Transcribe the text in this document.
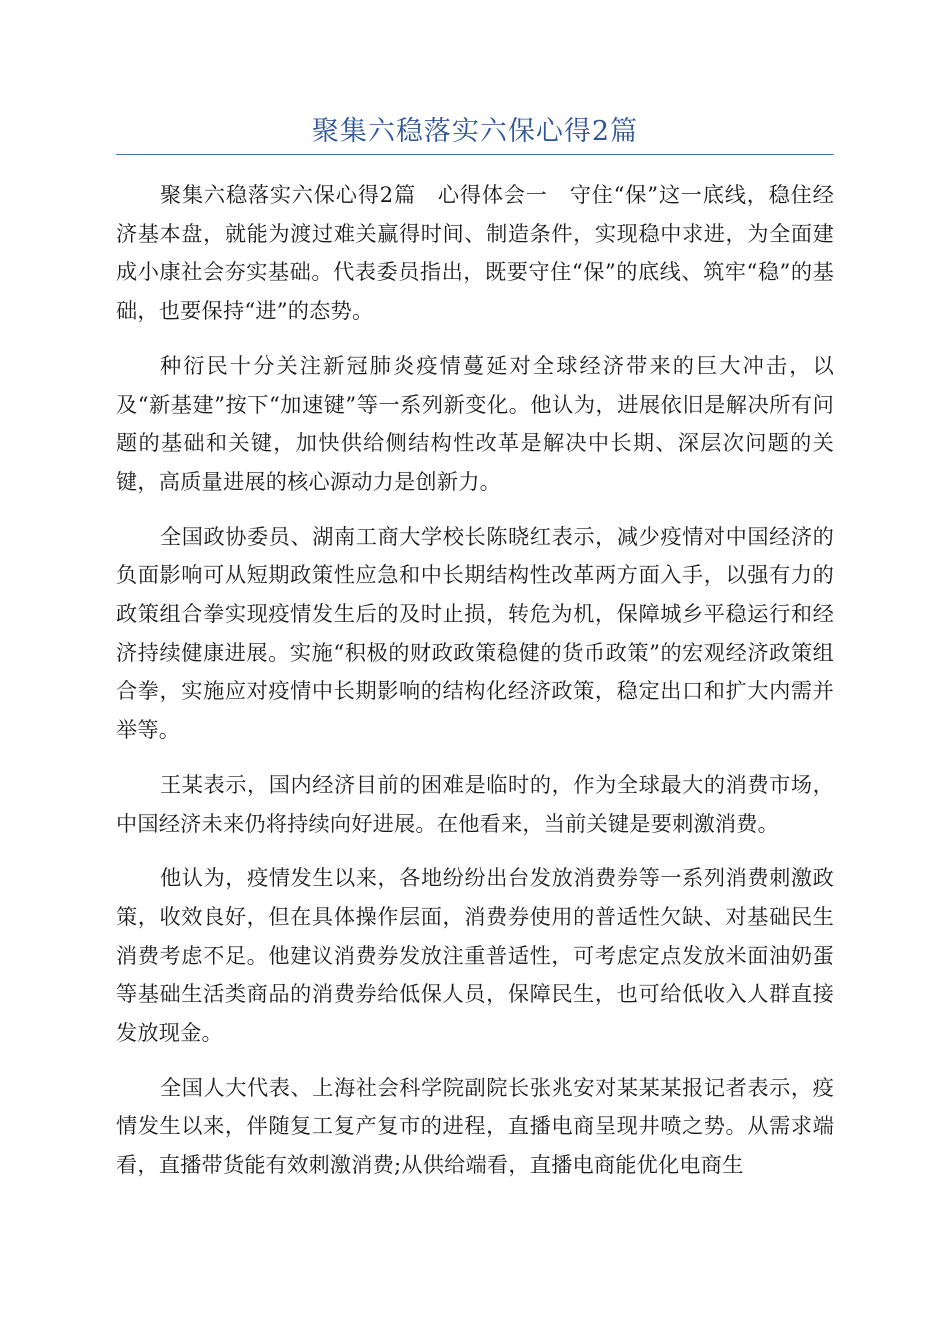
聚集六稳落实六保心得2篇

聚集六稳落实六保心得2篇　心得体会一　守住“保”这一底线，稳住经济基本盘，就能为渡过难关赢得时间、制造条件，实现稳中求进，为全面建成小康社会夯实基础。代表委员指出，既要守住“保”的底线、筑牢“稳”的基础，也要保持“进”的态势。

种衍民十分关注新冠肺炎疫情蔓延对全球经济带来的巨大冲击，以及“新基建”按下“加速键”等一系列新变化。他认为，进展依旧是解决所有问题的基础和关键，加快供给侧结构性改革是解决中长期、深层次问题的关键，高质量进展的核心源动力是创新力。

全国政协委员、湖南工商大学校长陈晓红表示，减少疫情对中国经济的负面影响可从短期政策性应急和中长期结构性改革两方面入手，以强有力的政策组合拳实现疫情发生后的及时止损，转危为机，保障城乡平稳运行和经济持续健康进展。实施“积极的财政政策稳健的货币政策”的宏观经济政策组合拳，实施应对疫情中长期影响的结构化经济政策，稳定出口和扩大内需并举等。

王某表示，国内经济目前的困难是临时的，作为全球最大的消费市场，中国经济未来仍将持续向好进展。在他看来，当前关键是要刺激消费。

他认为，疫情发生以来，各地纷纷出台发放消费券等一系列消费刺激政策，收效良好，但在具体操作层面，消费券使用的普适性欠缺、对基础民生消费考虑不足。他建议消费券发放注重普适性，可考虑定点发放米面油奶蛋等基础生活类商品的消费券给低保人员，保障民生，也可给低收入人群直接发放现金。

全国人大代表、上海社会科学院副院长张兆安对某某某报记者表示，疫情发生以来，伴随复工复产复市的进程，直播电商呈现井喷之势。从需求端看，直播带货能有效刺激消费;从供给端看，直播电商能优化电商生
